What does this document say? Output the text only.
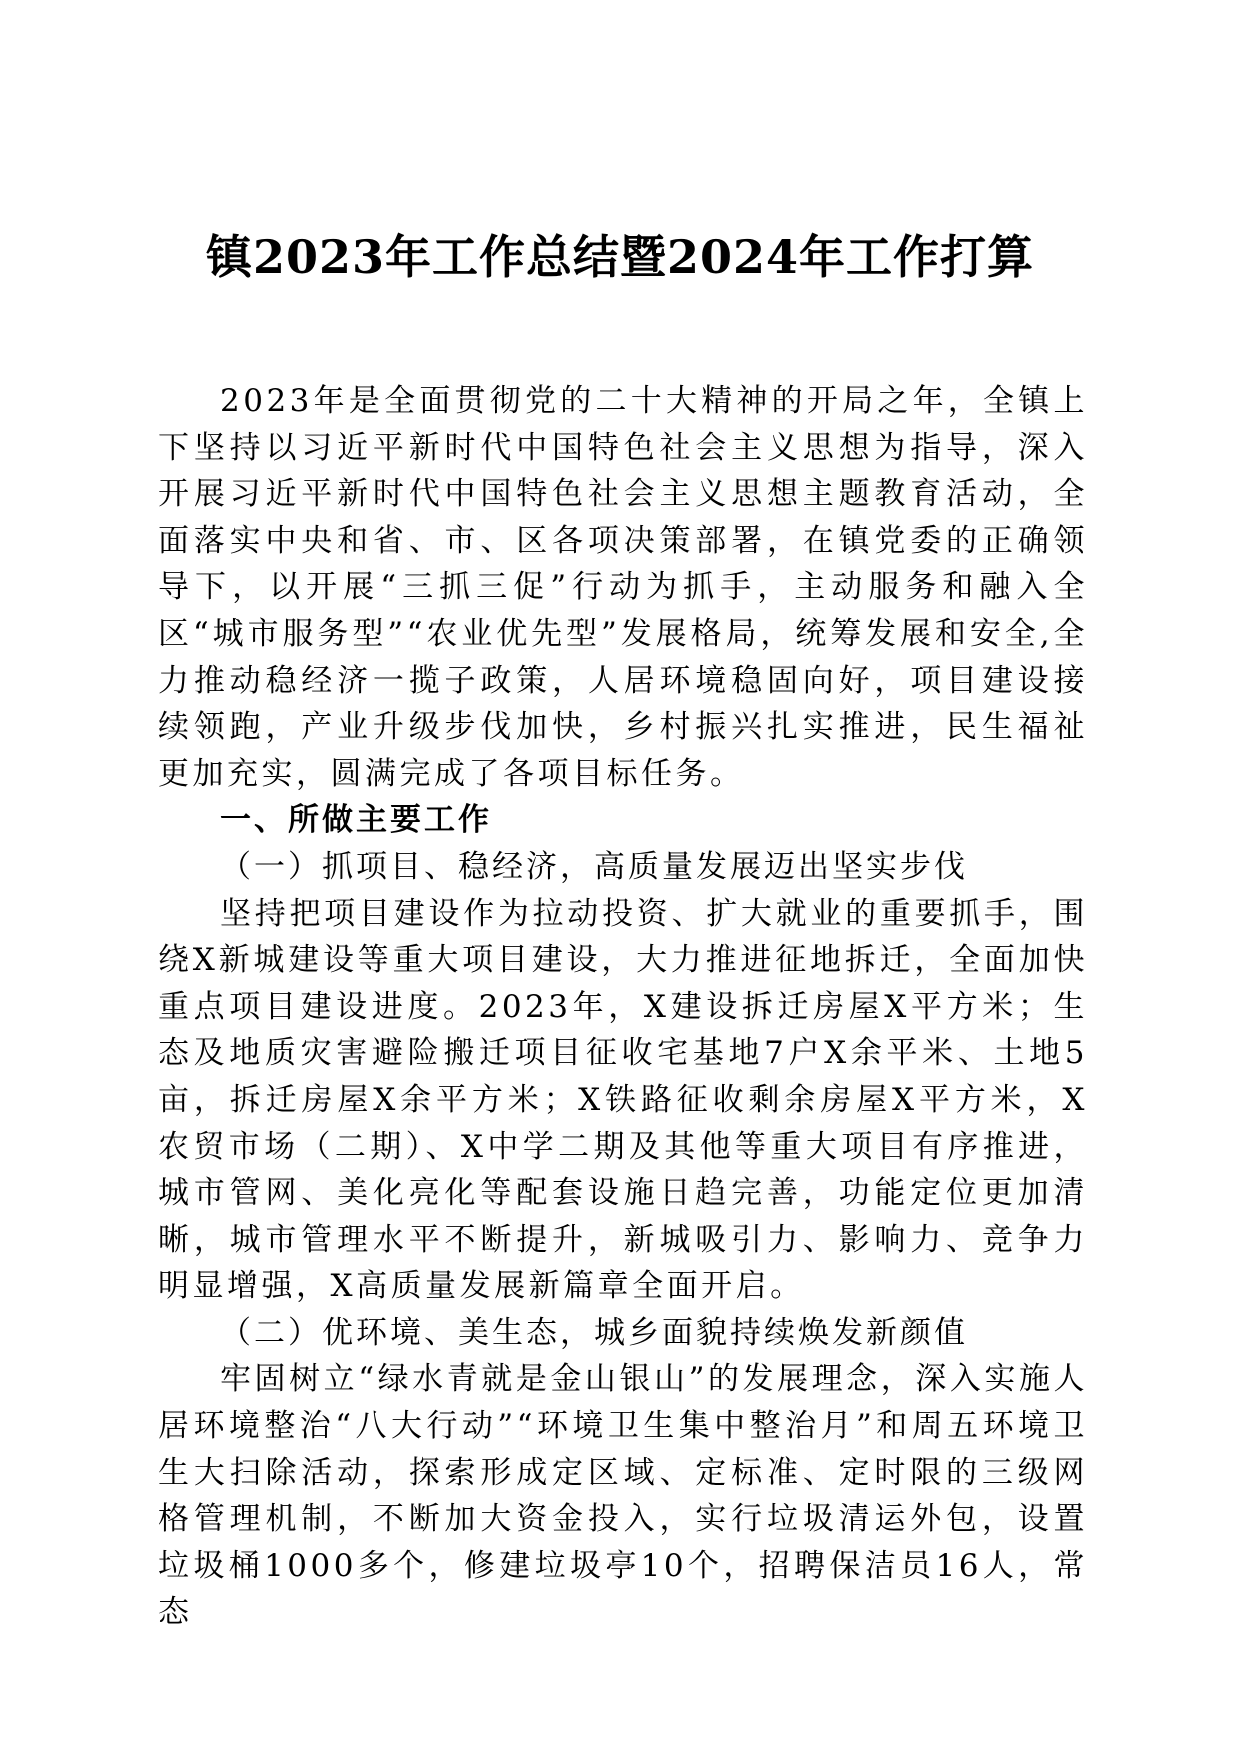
镇2023年工作总结暨2024年工作打算

2023年是全面贯彻党的二十大精神的开局之年，全镇上下坚持以习近平新时代中国特色社会主义思想为指导，深入开展习近平新时代中国特色社会主义思想主题教育活动，全面落实中央和省、市、区各项决策部署，在镇党委的正确领导下，以开展“三抓三促”行动为抓手，主动服务和融入全区“城市服务型”“农业优先型”发展格局，统筹发展和安全,全力推动稳经济一揽子政策，人居环境稳固向好，项目建设接续领跑，产业升级步伐加快，乡村振兴扎实推进，民生福祉更加充实，圆满完成了各项目标任务。

一、所做主要工作

（一）抓项目、稳经济，高质量发展迈出坚实步伐

坚持把项目建设作为拉动投资、扩大就业的重要抓手，围绕X新城建设等重大项目建设，大力推进征地拆迁，全面加快重点项目建设进度。2023年，X建设拆迁房屋X平方米；生态及地质灾害避险搬迁项目征收宅基地7户X余平米、土地5亩，拆迁房屋X余平方米；X铁路征收剩余房屋X平方米，X农贸市场（二期）、X中学二期及其他等重大项目有序推进，城市管网、美化亮化等配套设施日趋完善，功能定位更加清晰，城市管理水平不断提升，新城吸引力、影响力、竞争力明显增强，X高质量发展新篇章全面开启。

（二）优环境、美生态，城乡面貌持续焕发新颜值

牢固树立“绿水青就是金山银山”的发展理念，深入实施人居环境整治“八大行动”“环境卫生集中整治月”和周五环境卫生大扫除活动，探索形成定区域、定标准、定时限的三级网格管理机制，不断加大资金投入，实行垃圾清运外包，设置垃圾桶1000多个，修建垃圾亭10个，招聘保洁员16人，常态
